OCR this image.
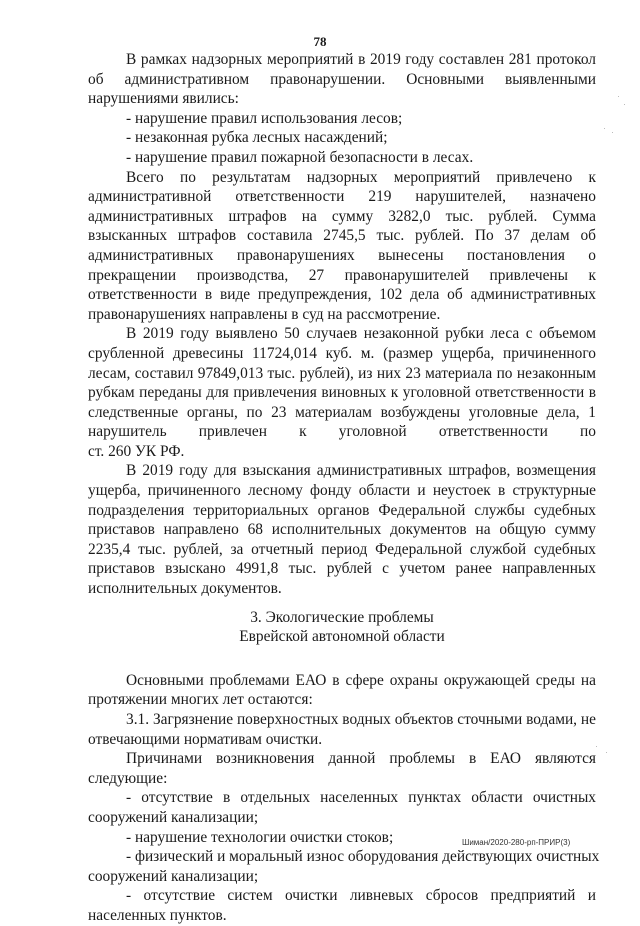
78
В рамках надзорных мероприятий в 2019 году составлен 281 протокол
об административном правонарушении. Основными выявленными
нарушениями явились:
- нарушение правил использования лесов;
- незаконная рубка лесных насаждений;
- нарушение правил пожарной безопасности в лесах.
Всего по результатам надзорных мероприятий привлечено к
административной ответственности 219 нарушителей, назначено
административных штрафов на сумму 3282,0 тыс. рублей. Сумма
взысканных штрафов составила 2745,5 тыс. рублей. По 37 делам об
административных правонарушениях вынесены постановления о
прекращении производства, 27 правонарушителей привлечены к
ответственности в виде предупреждения, 102 дела об административных
правонарушениях направлены в суд на рассмотрение.
В 2019 году выявлено 50 случаев незаконной рубки леса с объемом
срубленной древесины 11724,014 куб. м. (размер ущерба, причиненного
лесам, составил 97849,013 тыс. рублей), из них 23 материала по незаконным
рубкам переданы для привлечения виновных к уголовной ответственности в
следственные органы, по 23 материалам возбуждены уголовные дела, 1
нарушитель привлечен к уголовной ответственности по
ст. 260 УК РФ.
В 2019 году для взыскания административных штрафов, возмещения
ущерба, причиненного лесному фонду области и неустоек в структурные
подразделения территориальных органов Федеральной службы судебных
приставов направлено 68 исполнительных документов на общую сумму
2235,4 тыс. рублей, за отчетный период Федеральной службой судебных
приставов взыскано 4991,8 тыс. рублей с учетом ранее направленных
исполнительных документов.
3. Экологические проблемы
Еврейской автономной области
Основными проблемами ЕАО в сфере охраны окружающей среды на
протяжении многих лет остаются:
3.1. Загрязнение поверхностных водных объектов сточными водами, не
отвечающими нормативам очистки.
Причинами возникновения данной проблемы в ЕАО являются
следующие:
- отсутствие в отдельных населенных пунктах области очистных
сооружений канализации;
- нарушение технологии очистки стоков;
- физический и моральный износ оборудования действующих очистных
сооружений канализации;
- отсутствие систем очистки ливневых сбросов предприятий и
населенных пунктов.
Шиман/2020-280-рп-ПРИР(3)
